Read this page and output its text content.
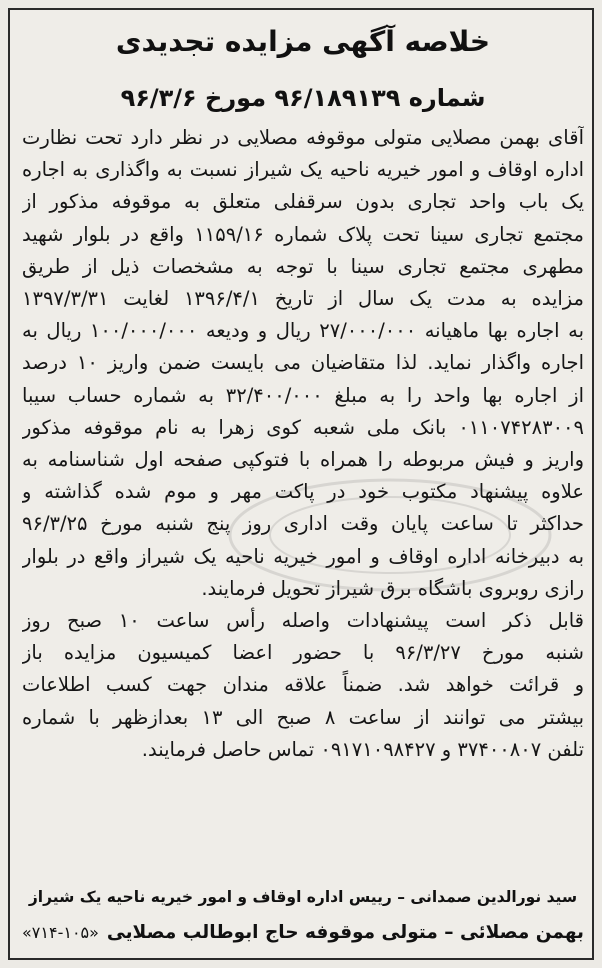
خلاصه آگهی مزایده تجدیدی
شماره ۹۶/۱۸۹۱۳۹ مورخ ۹۶/۳/۶
آقای بهمن مصلایی متولی موقوفه مصلایی در نظر دارد تحت نظارت
اداره اوقاف و امور خیریه ناحیه یک شیراز نسبت به واگذاری به اجاره
یک باب واحد تجاری بدون سرقفلی متعلق به موقوفه مذکور از
مجتمع تجاری سینا تحت پلاک شماره ۱۱۵۹/۱۶ واقع در بلوار شهید
مطهری مجتمع تجاری سینا با توجه به مشخصات ذیل از طریق
مزایده به مدت یک سال از تاریخ ۱۳۹۶/۴/۱ لغایت ۱۳۹۷/۳/۳۱
به اجاره بها ماهیانه ۲۷/۰۰۰/۰۰۰ ریال و ودیعه ۱۰۰/۰۰۰/۰۰۰ ریال به
اجاره واگذار نماید. لذا متقاضیان می بایست ضمن واریز ۱۰ درصد
از اجاره بها واحد را به مبلغ ۳۲/۴۰۰/۰۰۰ به شماره حساب سیبا
۰۱۱۰۷۴۲۸۳۰۰۹ بانک ملی شعبه کوی زهرا به نام موقوفه مذکور
واریز و فیش مربوطه را همراه با فتوکپی صفحه اول شناسنامه به
علاوه پیشنهاد مکتوب خود در پاکت مهر و موم شده گذاشته و
حداکثر تا ساعت پایان وقت اداری روز پنج شنبه مورخ ۹۶/۳/۲۵
به دبیرخانه اداره اوقاف و امور خیریه ناحیه یک شیراز واقع در بلوار
رازی روبروی باشگاه برق شیراز تحویل فرمایند.
قابل ذکر است پیشنهادات واصله رأس ساعت ۱۰ صبح روز
شنبه مورخ ۹۶/۳/۲۷ با حضور اعضا کمیسیون مزایده باز
و قرائت خواهد شد. ضمناً علاقه مندان جهت کسب اطلاعات
بیشتر می توانند از ساعت ۸ صبح الی ۱۳ بعدازظهر با شماره
تلفن ۳۷۴۰۰۸۰۷ و ۰۹۱۷۱۰۹۸۴۲۷ تماس حاصل فرمایند.
سید نورالدین صمدانی – رییس اداره اوقاف و امور خیریه ناحیه یک شیراز
بهمن مصلائی – متولی موقوفه حاج ابوطالب مصلایی
«۷۱۴-۱۰۵»
